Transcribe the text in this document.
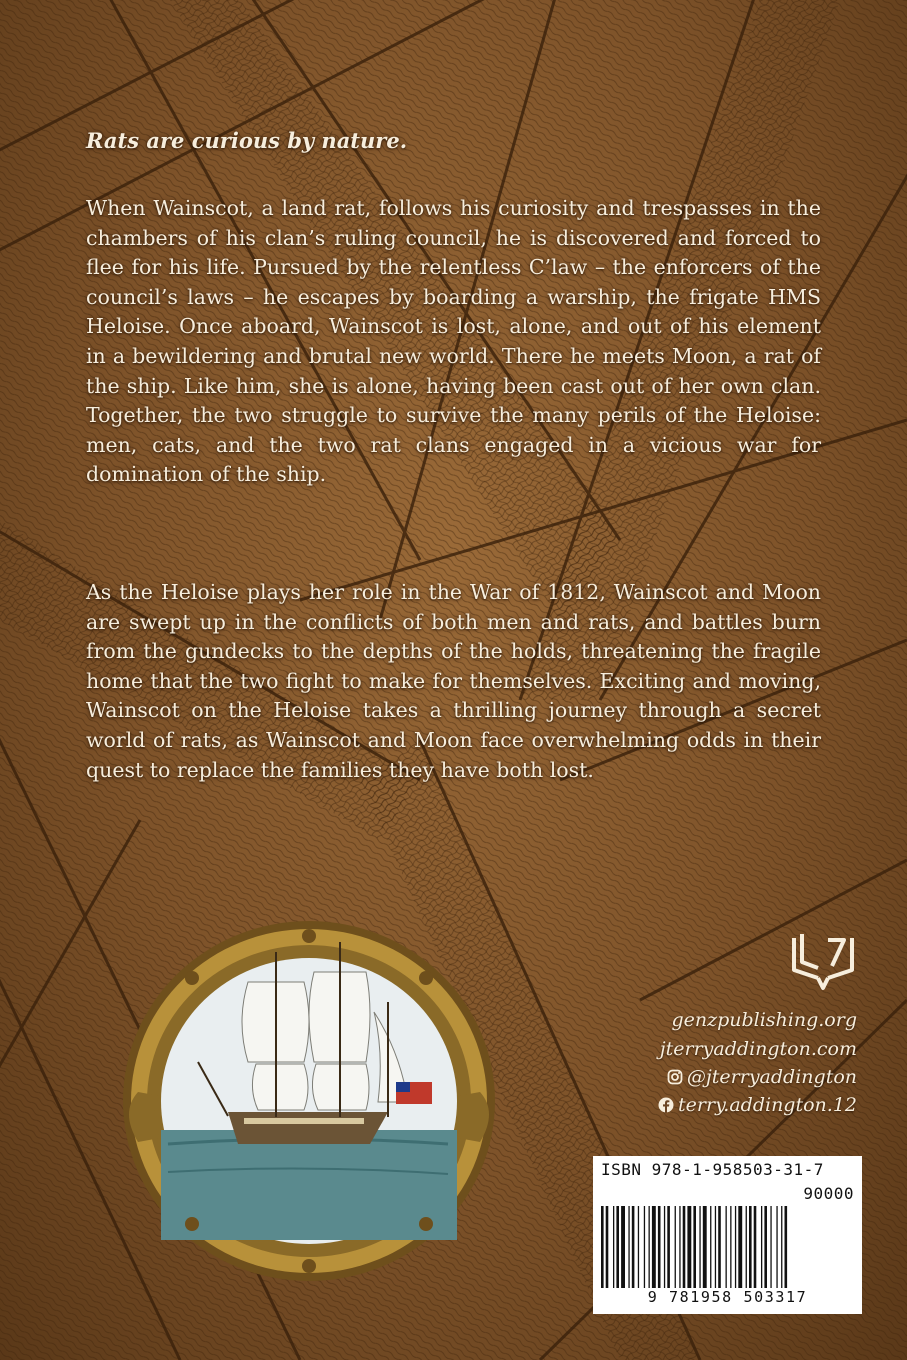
Rats are curious by nature.
When Wainscot, a land rat, follows his curiosity and trespasses in the chambers of his clan’s ruling council, he is discovered and forced to flee for his life. Pursued by the relentless C’law – the enforcers of the council’s laws – he escapes by boarding a warship, the frigate HMS Heloise. Once aboard, Wainscot is lost, alone, and out of his element in a bewildering and brutal new world. There he meets Moon, a rat of the ship. Like him, she is alone, having been cast out of her own clan. Together, the two struggle to survive the many perils of the Heloise: men, cats, and the two rat clans engaged in a vicious war for domination of the ship.
As the Heloise plays her role in the War of 1812, Wainscot and Moon are swept up in the conflicts of both men and rats, and battles burn from the gundecks to the depths of the holds, threatening the fragile home that the two fight to make for themselves. Exciting and moving, Wainscot on the Heloise takes a thrilling journey through a secret world of rats, as Wainscot and Moon face overwhelming odds in their quest to replace the families they have both lost.
genzpublishing.org
jterryaddington.com
@jterryaddington
terry.addington.12
ISBN 978-1-958503-31-7
90000
9 781958 503317
